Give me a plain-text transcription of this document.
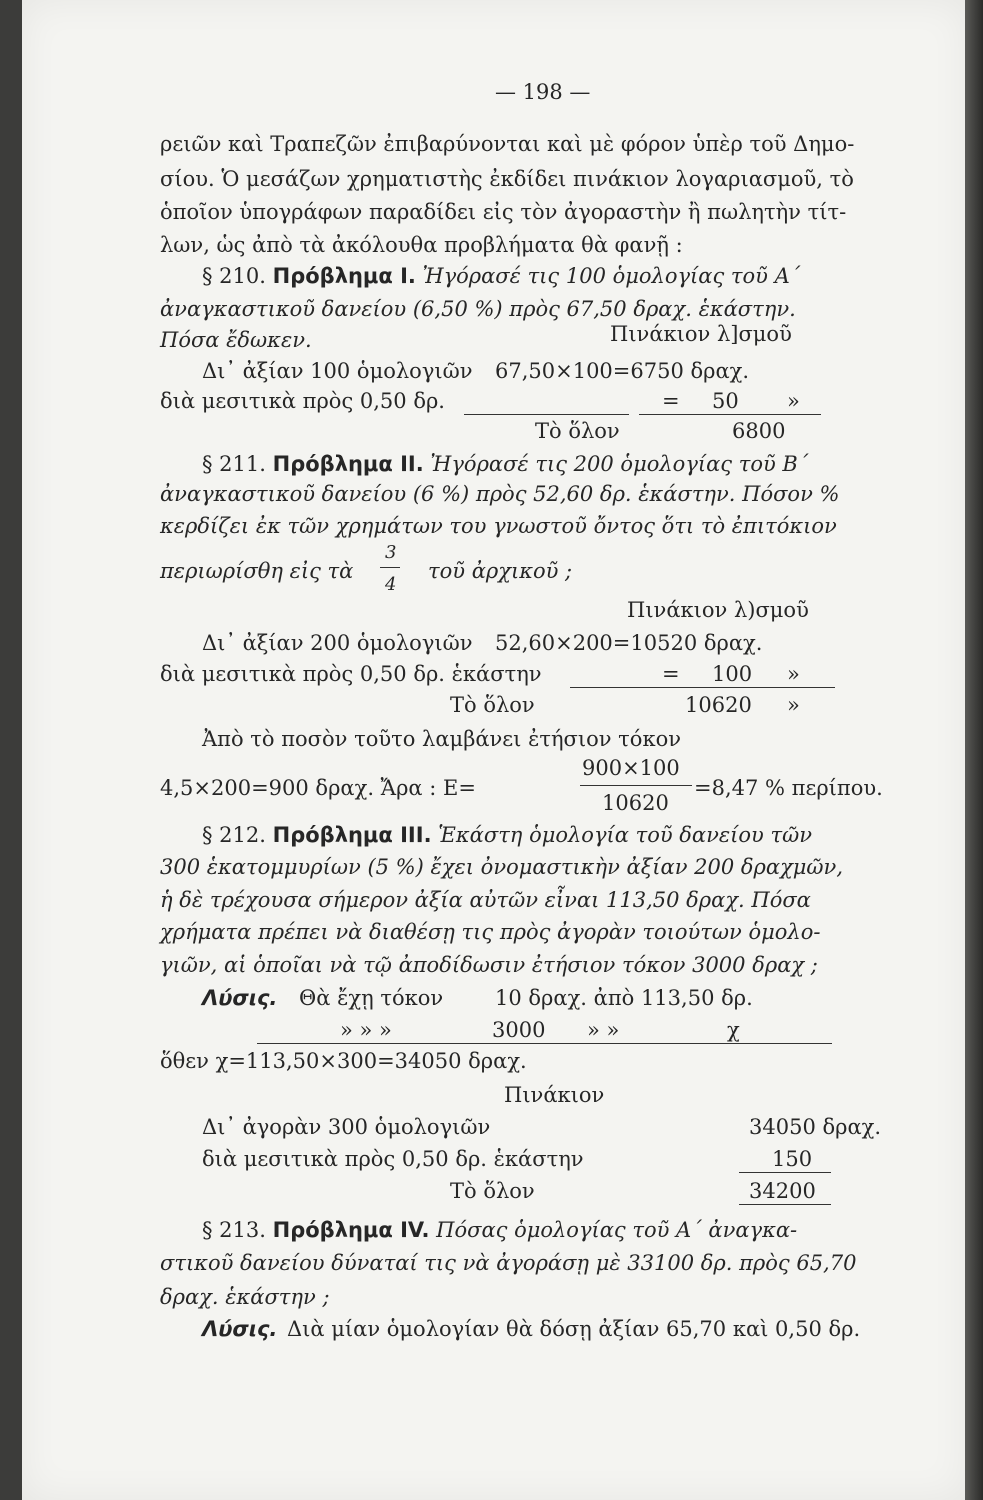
— 198 —
ρειῶν καὶ Τραπεζῶν ἐπιβαρύνονται καὶ μὲ φόρον ὑπὲρ τοῦ Δημο-
σίου. Ὁ μεσάζων χρηματιστὴς ἐκδίδει πινάκιον λογαριασμοῦ, τὸ
ὁποῖον ὑπογράφων παραδίδει εἰς τὸν ἀγοραστὴν ἢ πωλητὴν τίτ-
λων, ὡς ἀπὸ τὰ ἀκόλουθα προβλήματα θὰ φανῇ :
§ 210. Πρόβλημα Ι. Ἠγόρασέ τις 100 ὁμολογίας τοῦ Α΄
ἀναγκαστικοῦ δανείου (6,50 %) πρὸς 67,50 δραχ. ἑκάστην.
Πόσα ἔδωκεν.	Πινάκιον λ]σμοῦ
Δι᾽ ἀξίαν 100 ὁμολογιῶν 67,50×100=6750 δραχ.
διὰ μεσιτικὰ πρὸς 0,50 δρ.	= 50 »
Τὸ ὅλον	6800
§ 211. Πρόβλημα ΙΙ. Ἠγόρασέ τις 200 ὁμολογίας τοῦ Β΄
ἀναγκαστικοῦ δανείου (6 %) πρὸς 52,60 δρ. ἑκάστην. Πόσον %
κερδίζει ἐκ τῶν χρημάτων του γνωστοῦ ὄντος ὅτι τὸ ἐπιτόκιον
περιωρίσθη εἰς τὰ
3
4
τοῦ ἀρχικοῦ ;
Πινάκιον λ)σμοῦ
Δι᾽ ἀξίαν 200 ὁμολογιῶν 52,60×200=10520 δραχ.
διὰ μεσιτικὰ πρὸς 0,50 δρ. ἑκάστην	= 100 »
Τὸ ὅλον	10620 »
Ἀπὸ τὸ ποσὸν τοῦτο λαμβάνει ἐτήσιον τόκον
4,5×200=900 δραχ. Ἄρα : Ε=
900×100
10620
=8,47 % περίπου.
§ 212. Πρόβλημα ΙΙΙ. Ἑκάστη ὁμολογία τοῦ δανείου τῶν
300 ἑκατομμυρίων (5 %) ἔχει ὀνομαστικὴν ἀξίαν 200 δραχμῶν,
ἡ δὲ τρέχουσα σήμερον ἀξία αὐτῶν εἶναι 113,50 δραχ. Πόσα
χρήματα πρέπει νὰ διαθέσῃ τις πρὸς ἀγορὰν τοιούτων ὁμολο-
γιῶν, αἱ ὁποῖαι νὰ τῷ ἀποδίδωσιν ἐτήσιον τόκον 3000 δραχ ;
Λύσις. Θὰ ἔχῃ τόκον 10 δραχ. ἀπὸ 113,50 δρ.
» » »	3000 » »	χ
ὅθεν χ=113,50×300=34050 δραχ.
Πινάκιον
Δι᾽ ἀγορὰν 300 ὁμολογιῶν	34050 δραχ.
διὰ μεσιτικὰ πρὸς 0,50 δρ. ἑκάστην	150
Τὸ ὅλον	34200
§ 213. Πρόβλημα ΙV. Πόσας ὁμολογίας τοῦ Α΄ ἀναγκα-
στικοῦ δανείου δύναταί τις νὰ ἀγοράσῃ μὲ 33100 δρ. πρὸς 65,70
δραχ. ἑκάστην ;
Λύσις. Διὰ μίαν ὁμολογίαν θὰ δόσῃ ἀξίαν 65,70 καὶ 0,50 δρ.
